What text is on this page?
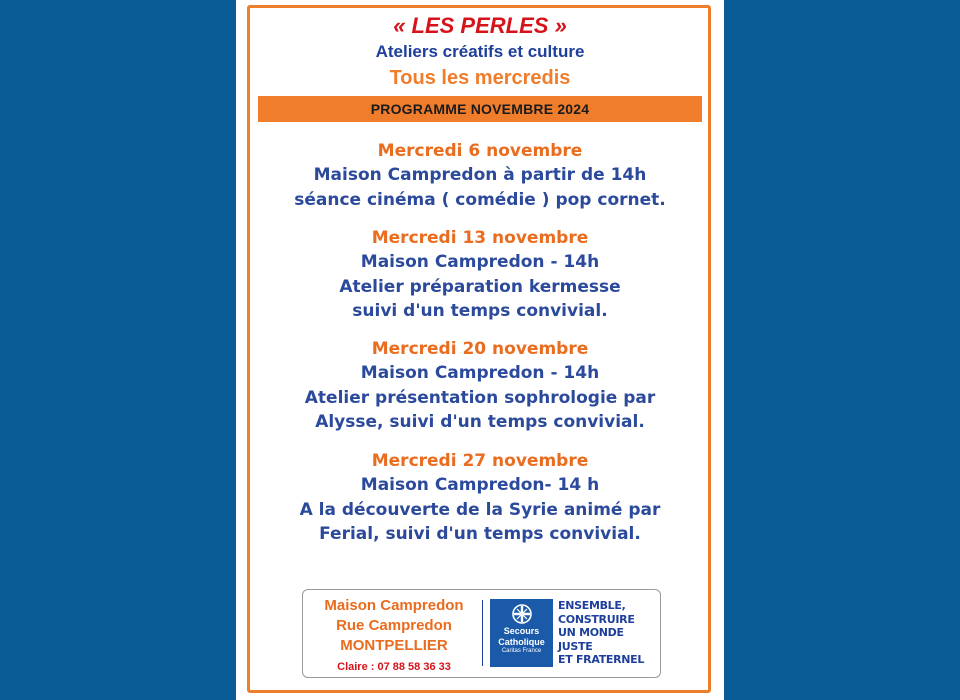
« LES PERLES »
Ateliers créatifs et culture
Tous les mercredis
PROGRAMME NOVEMBRE 2024
Mercredi 6 novembre
Maison Campredon à partir de 14h
séance cinéma ( comédie ) pop cornet.
Mercredi 13 novembre
Maison Campredon - 14h
Atelier préparation kermesse
suivi d'un temps convivial.
Mercredi 20 novembre
Maison Campredon - 14h
Atelier présentation sophrologie par
Alysse, suivi d'un temps convivial.
Mercredi 27 novembre
Maison Campredon- 14 h
A la découverte de la Syrie animé par
Ferial, suivi d'un temps convivial.
Maison Campredon
Rue Campredon
MONTPELLIER
Claire : 07 88 58 36 33
Secours
Catholique
Caritas France
ENSEMBLE,
CONSTRUIRE
UN MONDE JUSTE
ET FRATERNEL
